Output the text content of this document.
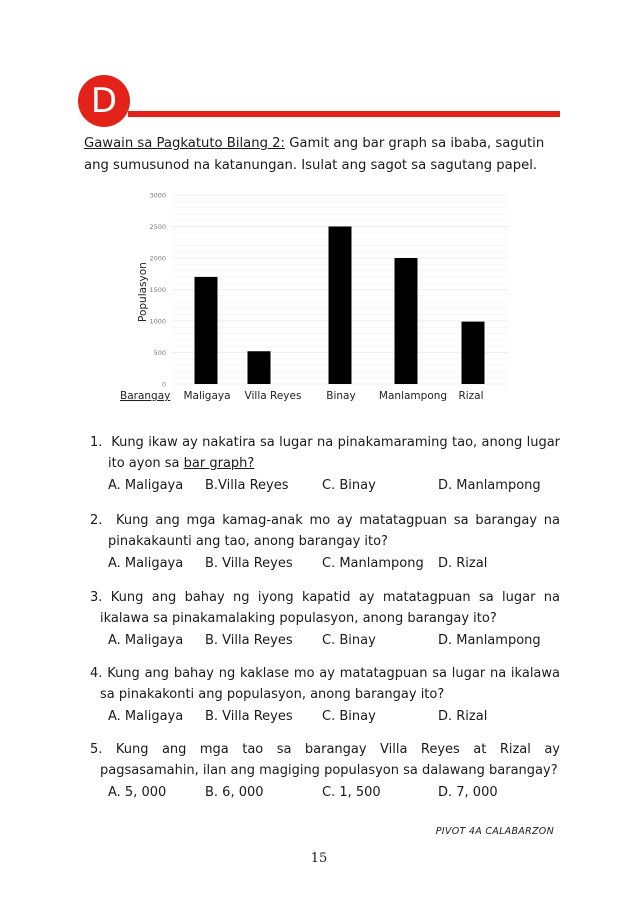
D
Gawain sa Pagkatuto Bilang 2: Gamit ang bar graph sa ibaba, sagutin ang sumusunod na katanungan. Isulat ang sagot sa sagutang papel.
0
500
1000
1500
2000
2500
3000
Maligaya Villa Reyes Binay Manlampong Rizal
Populasyon
Barangay

1. Kung ikaw ay nakatira sa lugar na pinakamaraming tao, anong lugar ito ayon sa bar graph?

A. Maligaya	B.Villa Reyes	C. Binay	D. Manlampong

2. Kung ang mga kamag-anak mo ay matatagpuan sa barangay na pinakakaunti ang tao, anong barangay ito?

A. Maligaya	B. Villa Reyes	C. Manlampong	D. Rizal

3. Kung ang bahay ng iyong kapatid ay matatagpuan sa lugar na ikalawa sa pinakamalaking populasyon, anong barangay ito?

A. Maligaya	B. Villa Reyes	C. Binay	D. Manlampong

4. Kung ang bahay ng kaklase mo ay matatagpuan sa lugar na ikalawa sa pinakakonti ang populasyon, anong barangay ito?

A. Maligaya	B. Villa Reyes	C. Binay	D. Rizal

5. Kung ang mga tao sa barangay Villa Reyes at Rizal ay pagsasamahin, ilan ang magiging populasyon sa dalawang barangay?

A. 5, 000	B. 6, 000	C. 1, 500	D. 7, 000
PIVOT 4A CALABARZON
15
